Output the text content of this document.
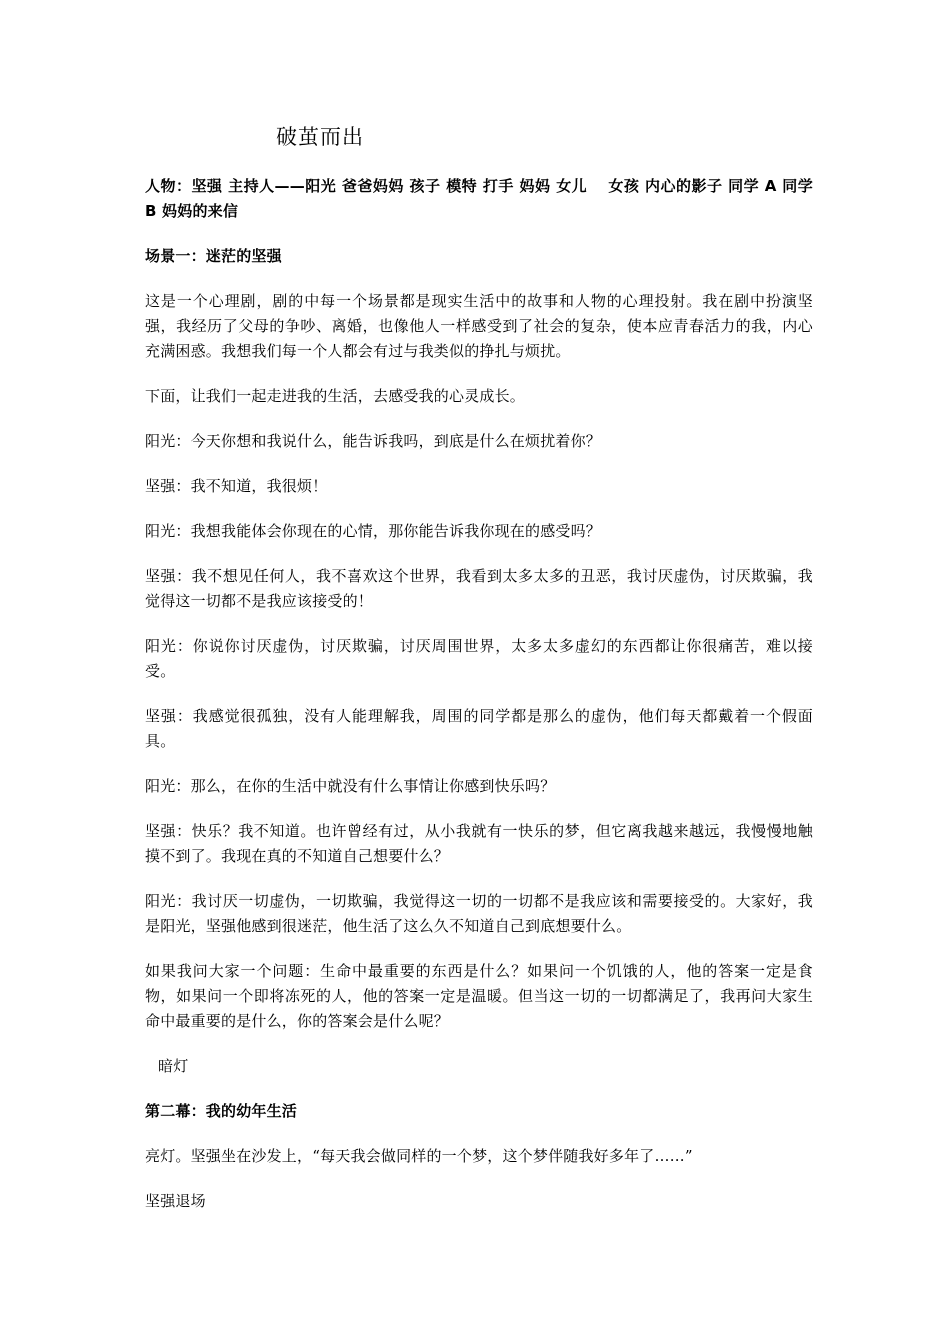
破茧而出

人物：坚强 主持人——阳光 爸爸妈妈 孩子 模特 打手 妈妈 女儿　 女孩 内心的影子 同学 A 同学 B 妈妈的来信

场景一：迷茫的坚强

这是一个心理剧，剧的中每一个场景都是现实生活中的故事和人物的心理投射。我在剧中扮演坚强，我经历了父母的争吵、离婚，也像他人一样感受到了社会的复杂，使本应青春活力的我，内心充满困惑。我想我们每一个人都会有过与我类似的挣扎与烦扰。

下面，让我们一起走进我的生活，去感受我的心灵成长。

阳光：今天你想和我说什么，能告诉我吗，到底是什么在烦扰着你？

坚强：我不知道，我很烦！

阳光：我想我能体会你现在的心情，那你能告诉我你现在的感受吗？

坚强：我不想见任何人，我不喜欢这个世界，我看到太多太多的丑恶，我讨厌虚伪，讨厌欺骗，我觉得这一切都不是我应该接受的！

阳光：你说你讨厌虚伪，讨厌欺骗，讨厌周围世界，太多太多虚幻的东西都让你很痛苦，难以接受。

坚强：我感觉很孤独，没有人能理解我，周围的同学都是那么的虚伪，他们每天都戴着一个假面具。

阳光：那么，在你的生活中就没有什么事情让你感到快乐吗？

坚强：快乐？我不知道。也许曾经有过，从小我就有一快乐的梦，但它离我越来越远，我慢慢地触摸不到了。我现在真的不知道自己想要什么？

阳光：我讨厌一切虚伪，一切欺骗，我觉得这一切的一切都不是我应该和需要接受的。大家好，我是阳光，坚强他感到很迷茫，他生活了这么久不知道自己到底想要什么。

如果我问大家一个问题：生命中最重要的东西是什么？如果问一个饥饿的人，他的答案一定是食物，如果问一个即将冻死的人，他的答案一定是温暖。但当这一切的一切都满足了，我再问大家生命中最重要的是什么，你的答案会是什么呢？

暗灯

第二幕：我的幼年生活

亮灯。坚强坐在沙发上，“每天我会做同样的一个梦，这个梦伴随我好多年了……”

坚强退场
